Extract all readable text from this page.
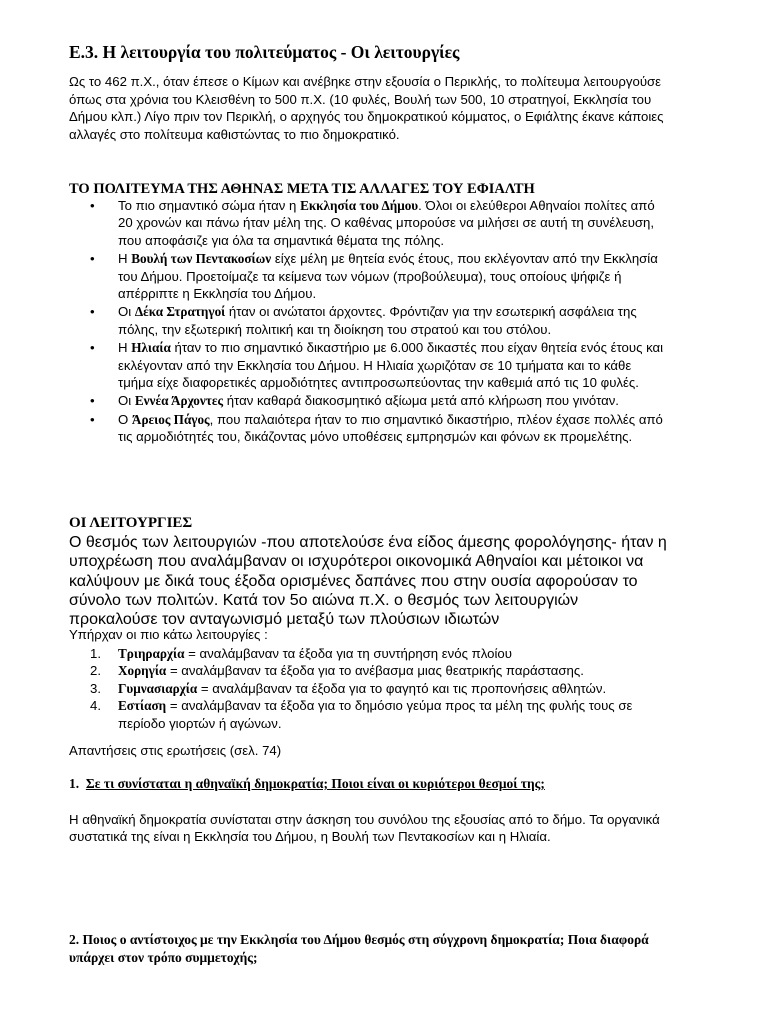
Ε.3. Η λειτουργία του πολιτεύματος - Οι λειτουργίες
Ως το 462 π.Χ., όταν έπεσε ο Κίμων και ανέβηκε στην εξουσία ο Περικλής, το πολίτευμα λειτουργούσε όπως στα χρόνια του Κλεισθένη το 500 π.Χ. (10 φυλές, Βουλή των 500, 10 στρατηγοί, Εκκλησία του Δήμου κλπ.) Λίγο πριν τον Περικλή, ο αρχηγός του δημοκρατικού κόμματος, ο Εφιάλτης έκανε κάποιες αλλαγές στο πολίτευμα καθιστώντας το πιο δημοκρατικό.
ΤΟ ΠΟΛΙΤΕΥΜΑ ΤΗΣ ΑΘΗΝΑΣ ΜΕΤΑ ΤΙΣ ΑΛΛΑΓΕΣ ΤΟΥ ΕΦΙΑΛΤΗ
• Το πιο σημαντικό σώμα ήταν η Εκκλησία του Δήμου. Όλοι οι ελεύθεροι Αθηναίοι πολίτες από 20 χρονών και πάνω ήταν μέλη της. Ο καθένας μπορούσε να μιλήσει σε αυτή τη συνέλευση, που αποφάσιζε για όλα τα σημαντικά θέματα της πόλης.
• Η Βουλή των Πεντακοσίων είχε μέλη με θητεία ενός έτους, που εκλέγονταν από την Εκκλησία του Δήμου. Προετοίμαζε τα κείμενα των νόμων (προβούλευμα), τους οποίους ψήφιζε ή απέρριπτε η Εκκλησία του Δήμου.
• Οι Δέκα Στρατηγοί ήταν οι ανώτατοι άρχοντες. Φρόντιζαν για την εσωτερική ασφάλεια της πόλης, την εξωτερική πολιτική και τη διοίκηση του στρατού και του στόλου.
• Η Ηλιαία ήταν το πιο σημαντικό δικαστήριο με 6.000 δικαστές που είχαν θητεία ενός έτους και εκλέγονταν από την Εκκλησία του Δήμου. Η Ηλιαία χωριζόταν σε 10 τμήματα και το κάθε τμήμα είχε διαφορετικές αρμοδιότητες αντιπροσωπεύοντας την καθεμιά από τις 10 φυλές.
• Οι Εννέα Άρχοντες ήταν καθαρά διακοσμητικό αξίωμα μετά από κλήρωση που γινόταν.
• Ο Άρειος Πάγος, που παλαιότερα ήταν το πιο σημαντικό δικαστήριο, πλέον έχασε πολλές από τις αρμοδιότητές του, δικάζοντας μόνο υποθέσεις εμπρησμών και φόνων εκ προμελέτης.
ΟΙ ΛΕΙΤΟΥΡΓΙΕΣ
Ο θεσμός των λειτουργιών -που αποτελούσε ένα είδος άμεσης φορολόγησης- ήταν η υποχρέωση που αναλάμβαναν οι ισχυρότεροι οικονομικά Αθηναίοι και μέτοικοι να καλύψουν με δικά τους έξοδα ορισμένες δαπάνες που στην ουσία αφορούσαν το σύνολο των πολιτών. Κατά τον 5ο αιώνα π.Χ. ο θεσμός των λειτουργιών προκαλούσε τον ανταγωνισμό μεταξύ των πλούσιων ιδιωτών
Υπήρχαν οι πιο κάτω λειτουργίες :
1. Τριηραρχία = αναλάμβαναν τα έξοδα για τη συντήρηση ενός πλοίου
2. Χορηγία = αναλάμβαναν τα έξοδα για το ανέβασμα μιας θεατρικής παράστασης.
3. Γυμνασιαρχία = αναλάμβαναν τα έξοδα για το φαγητό και τις προπονήσεις αθλητών.
4. Εστίαση = αναλάμβαναν τα έξοδα για το δημόσιο γεύμα προς τα μέλη της φυλής τους σε περίοδο γιορτών ή αγώνων.
Απαντήσεις στις ερωτήσεις (σελ. 74)
1. Σε τι συνίσταται η αθηναϊκή δημοκρατία; Ποιοι είναι οι κυριότεροι θεσμοί της;
Η αθηναϊκή δημοκρατία συνίσταται στην άσκηση του συνόλου της εξουσίας από το δήμο. Τα οργανικά συστατικά της είναι η Εκκλησία του Δήμου, η Βουλή των Πεντακοσίων και η Ηλιαία.
2. Ποιος ο αντίστοιχος με την Εκκλησία του Δήμου θεσμός στη σύγχρονη δημοκρατία; Ποια διαφορά υπάρχει στον τρόπο συμμετοχής;
